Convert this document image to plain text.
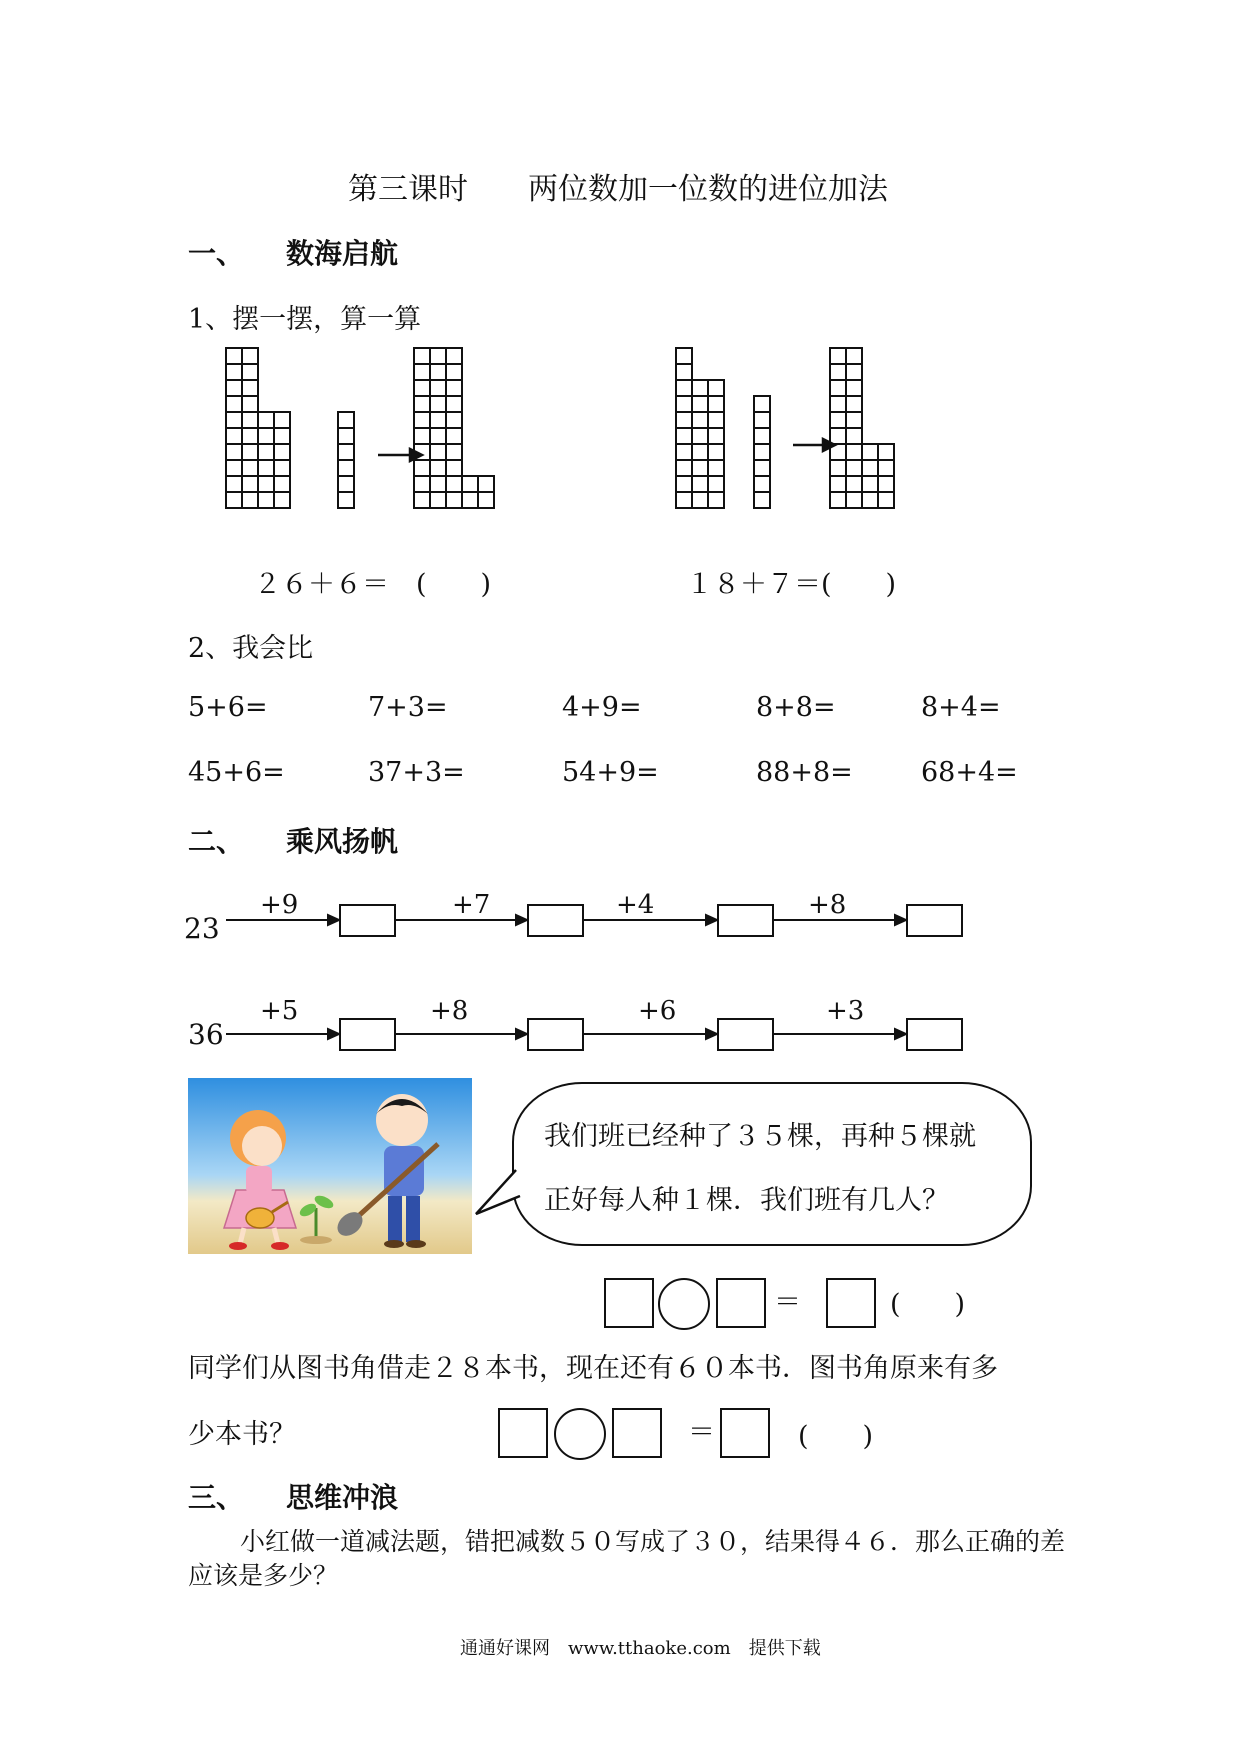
第三课时　　两位数加一位数的进位加法
一、　　数海启航
1、摆一摆，算一算
２６＋６＝　(　　)	１８＋７＝(　　)
2、我会比
5+6=	7+3=	4+9=	8+8=	8+4=
45+6=	37+3=	54+9=	88+8=	68+4=
二、　　乘风扬帆
23
+9	+7	+4	+8
36
+5	+8	+6	+3
我们班已经种了３５棵，再种５棵就
正好每人种１棵．我们班有几人？
＝	(　　)
同学们从图书角借走２８本书，现在还有６０本书．图书角原来有多
少本书？	＝	(　　)
三、　　思维冲浪
小红做一道减法题，错把减数５０写成了３０，结果得４６．那么正确的差
应该是多少？
通通好课网　www.tthaoke.com　提供下载
